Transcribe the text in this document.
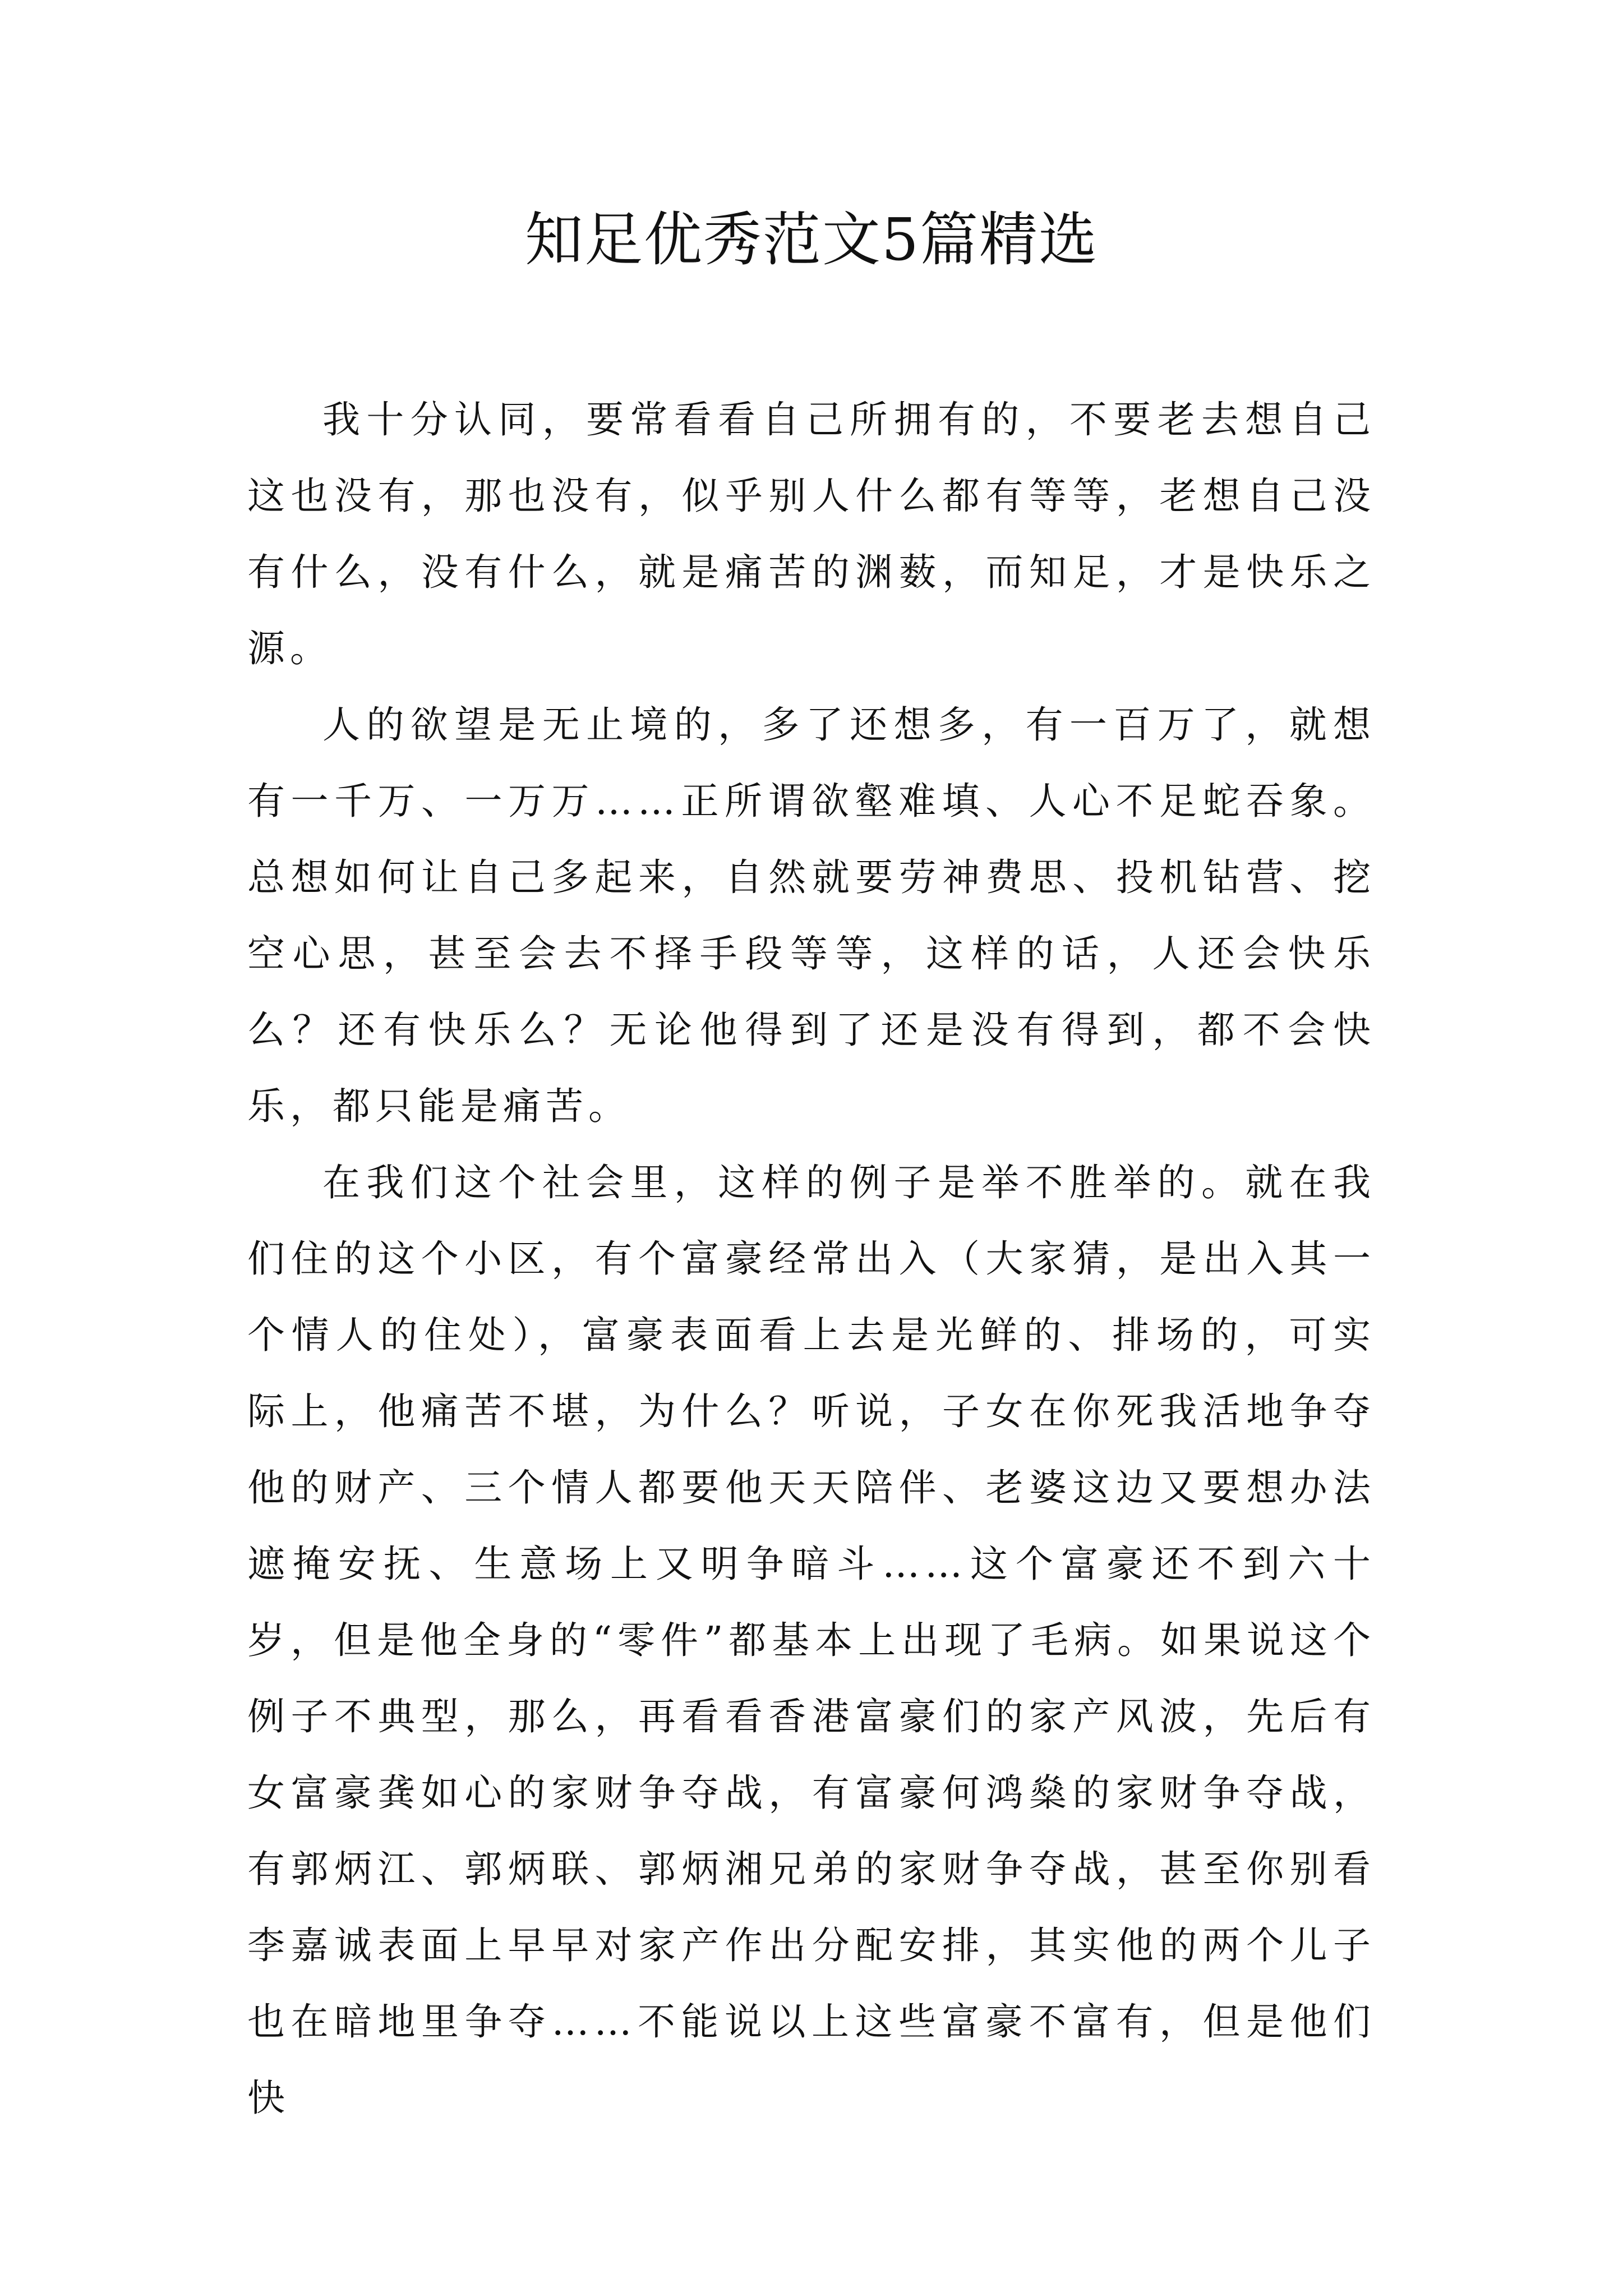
知足优秀范文5篇精选

我十分认同，要常看看自己所拥有的，不要老去想自己这也没有，那也没有，似乎别人什么都有等等，老想自己没有什么，没有什么，就是痛苦的渊薮，而知足，才是快乐之源。

人的欲望是无止境的，多了还想多，有一百万了，就想有一千万、一万万……正所谓欲壑难填、人心不足蛇吞象。总想如何让自己多起来，自然就要劳神费思、投机钻营、挖空心思，甚至会去不择手段等等，这样的话，人还会快乐么？还有快乐么？无论他得到了还是没有得到，都不会快乐，都只能是痛苦。

在我们这个社会里，这样的例子是举不胜举的。就在我们住的这个小区，有个富豪经常出入（大家猜，是出入其一个情人的住处），富豪表面看上去是光鲜的、排场的，可实际上，他痛苦不堪，为什么？听说，子女在你死我活地争夺他的财产、三个情人都要他天天陪伴、老婆这边又要想办法遮掩安抚、生意场上又明争暗斗……这个富豪还不到六十岁，但是他全身的“零件”都基本上出现了毛病。如果说这个例子不典型，那么，再看看香港富豪们的家产风波，先后有女富豪龚如心的家财争夺战，有富豪何鸿燊的家财争夺战，有郭炳江、郭炳联、郭炳湘兄弟的家财争夺战，甚至你别看李嘉诚表面上早早对家产作出分配安排，其实他的两个儿子也在暗地里争夺……不能说以上这些富豪不富有，但是他们快
